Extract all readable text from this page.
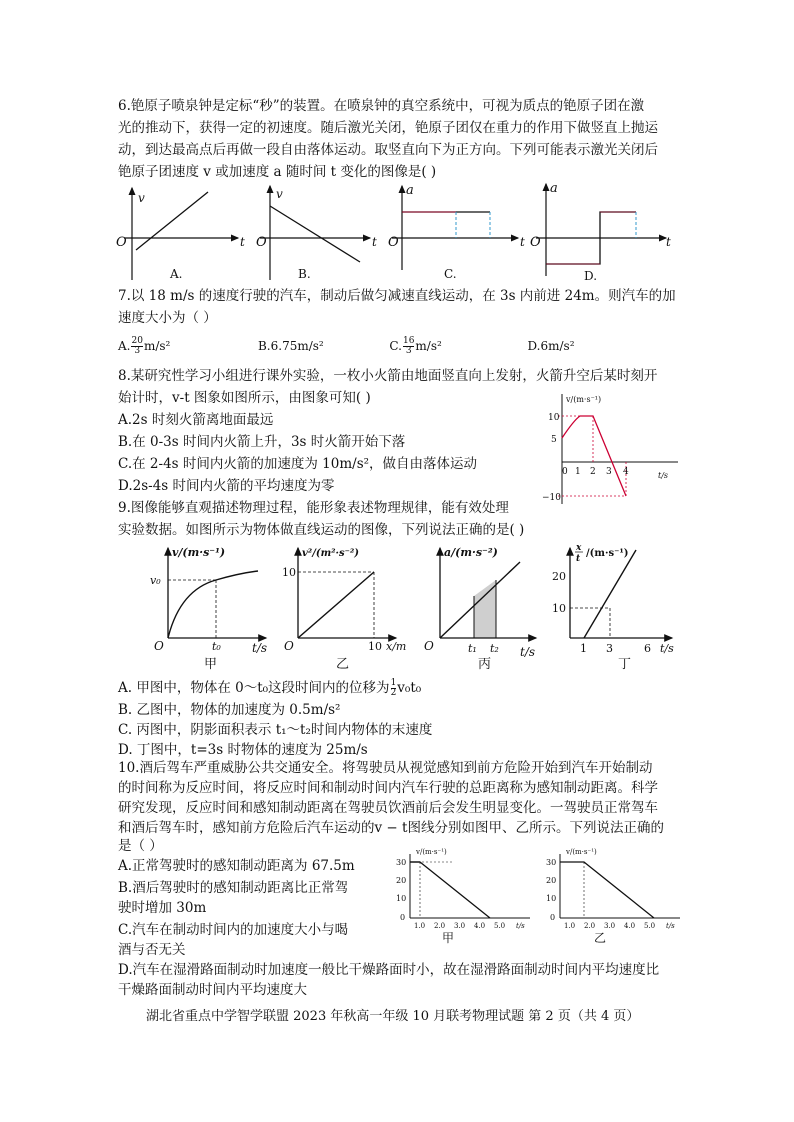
6.铯原子喷泉钟是定标“秒”的装置。在喷泉钟的真空系统中，可视为质点的铯原子团在激
光的推动下，获得一定的初速度。随后激光关闭，铯原子团仅在重力的作用下做竖直上抛运
动，到达最高点后再做一段自由落体运动。取竖直向下为正方向。下列可能表示激光关闭后
铯原子团速度 v 或加速度 a 随时间 t 变化的图像是( )
v
t
O
A.
v
t
O
B.
a
t
O
C.
a
t
O
D.
7.以 18 m/s 的速度行驶的汽车，制动后做匀减速直线运动，在 3s 内前进 24m。则汽车的加
速度大小为（ ）
A. $\frac{20}{3} m/s^2$	B.6.75m/s²	C. $\frac{16}{3} m/s^2$	D.6m/s²
8.某研究性学习小组进行课外实验，一枚小火箭由地面竖直向上发射，火箭升空后某时刻开
始计时，v-t 图象如图所示，由图象可知( )
A.2s 时刻火箭离地面最远
B.在 0-3s 时间内火箭上升，3s 时火箭开始下落
C.在 2-4s 时间内火箭的加速度为 10m/s²，做自由落体运动
D.2s-4s 时间内火箭的平均速度为零
v/(m·s⁻¹)
t/s
10
5
−10
0 1 2 3 4
9.图像能够直观描述物理过程，能形象表述物理规律，能有效处理
实验数据。如图所示为物体做直线运动的图像，下列说法正确的是( )
v/(m·s⁻¹)
v₀
t₀	t/s
O
甲
v²/(m²·s⁻²)
10
10 x/m
O
乙
a/(m·s⁻²)
t₁ t₂ t/s
O
丙
x
t /(m·s⁻¹)
20
10
1 3	6 t/s
丁
A. 甲图中，物体在 0～t₀这段时间内的位移为 $\frac{1}{2} v_0t_0$
B. 乙图中，物体的加速度为 0.5m/s²
C. 丙图中，阴影面积表示 t₁～t₂时间内物体的末速度
D. 丁图中，t=3s 时物体的速度为 25m/s
10.酒后驾车严重威胁公共交通安全。将驾驶员从视觉感知到前方危险开始到汽车开始制动
的时间称为反应时间，将反应时间和制动时间内汽车行驶的总距离称为感知制动距离。科学
研究发现，反应时间和感知制动距离在驾驶员饮酒前后会发生明显变化。一驾驶员正常驾车
和酒后驾车时，感知前方危险后汽车运动的v − t图线分别如图甲、乙所示。下列说法正确的
是（ ）
A.正常驾驶时的感知制动距离为 67.5m
B.酒后驾驶时的感知制动距离比正常驾
驶时增加 30m
C.汽车在制动时间内的加速度大小与喝
酒与否无关
D.汽车在湿滑路面制动时加速度一般比干燥路面时小，故在湿滑路面制动时间内平均速度比
干燥路面制动时间内平均速度大
v/(m·s⁻¹)
30
20
10
0
1.0 2.0 3.0 4.0 5.0 t/s
甲
v/(m·s⁻¹)
30
20
10
0
1.0 2.0 3.0 4.0 5.0 t/s
乙
湖北省重点中学智学联盟 2023 年秋高一年级 10 月联考物理试题 第 2 页（共 4 页）
